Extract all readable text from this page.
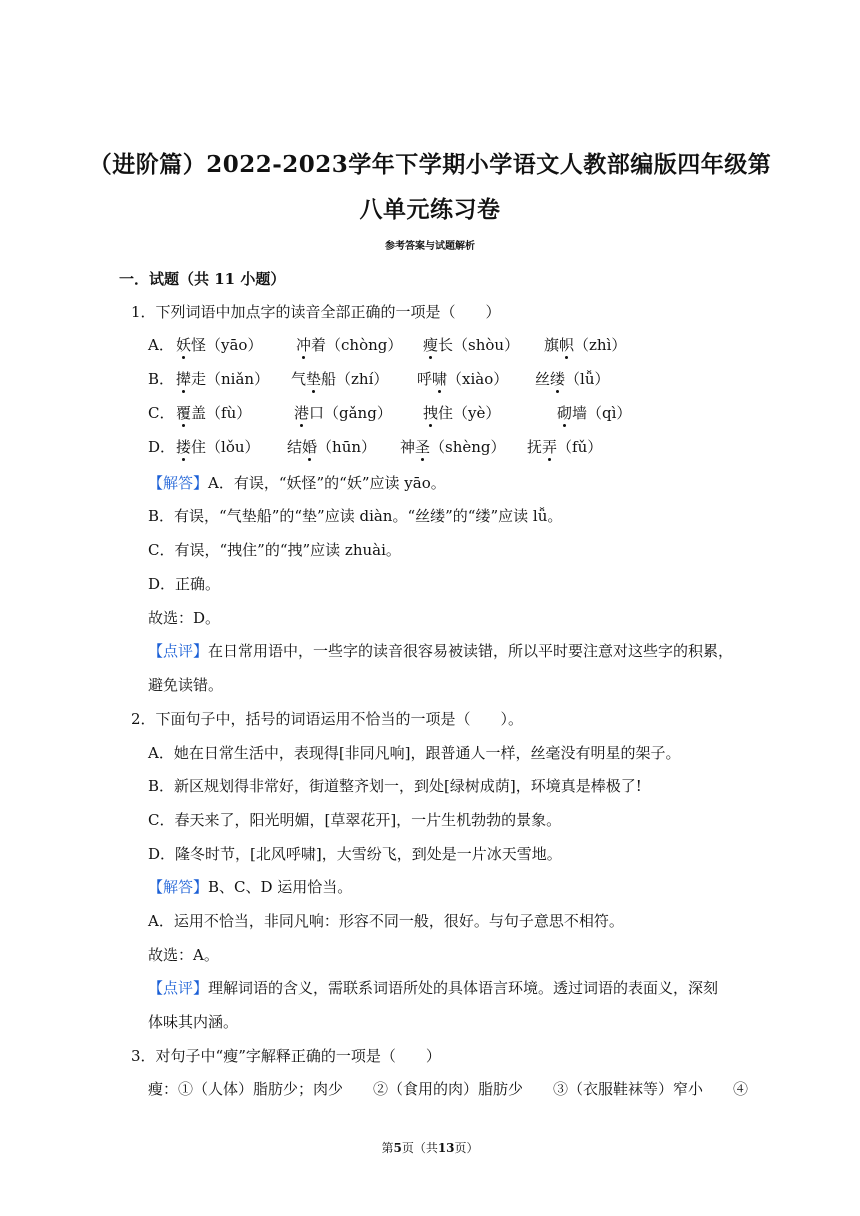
（进阶篇）2022-2023学年下学期小学语文人教部编版四年级第
八单元练习卷
参考答案与试题解析
一．试题（共 11 小题）
1．下列词语中加点字的读音全部正确的一项是（　　）
A． 妖怪（yāo） 冲着（chòng） 瘦长（shòu） 旗帜（zhì）
B． 撵走（niǎn） 气垫船（zhí） 呼啸（xiào） 丝缕（lǚ）
C． 覆盖（fù）	港口（gǎng） 拽住（yè）	砌墙（qì）
D． 搂住（lǒu） 结婚（hūn） 神圣（shèng） 抚弄（fǔ）
【解答】A．有误，“妖怪”的“妖”应读 yāo。
B．有误，“气垫船”的“垫”应读 diàn。“丝缕”的“缕”应读 lǚ。
C．有误，“拽住”的“拽”应读 zhuài。
D．正确。
故选：D。
【点评】在日常用语中，一些字的读音很容易被读错，所以平时要注意对这些字的积累，
避免读错。
2．下面句子中，括号的词语运用不恰当的一项是（　　）。
A．她在日常生活中，表现得[非同凡响]，跟普通人一样，丝毫没有明星的架子。
B．新区规划得非常好，街道整齐划一，到处[绿树成荫]，环境真是棒极了!
C．春天来了，阳光明媚，[草翠花开]，一片生机勃勃的景象。
D．隆冬时节，[北风呼啸]，大雪纷飞，到处是一片冰天雪地。
【解答】B、C、D 运用恰当。
A．运用不恰当，非同凡响：形容不同一般，很好。与句子意思不相符。
故选：A。
【点评】理解词语的含义，需联系词语所处的具体语言环境。透过词语的表面义，深刻
体味其内涵。
3．对句子中“瘦”字解释正确的一项是（　　）
瘦：①（人体）脂肪少；肉少　　②（食用的肉）脂肪少　　③（衣服鞋袜等）窄小　　④
第5页（共13页）
